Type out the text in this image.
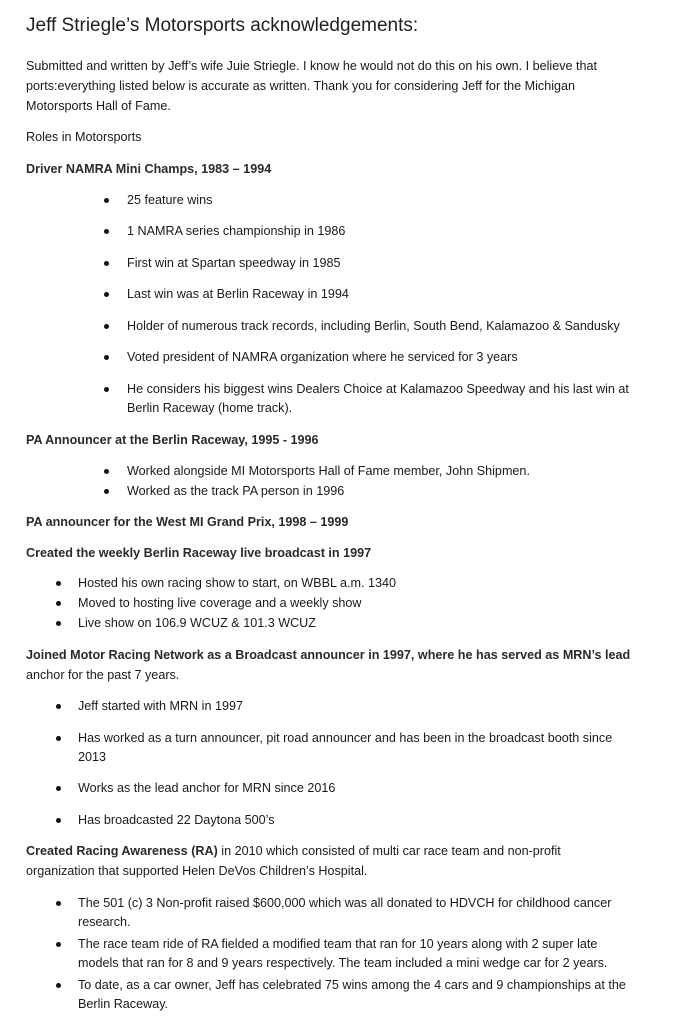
Jeff Striegle’s Motorsports acknowledgements:
Submitted and written by Jeff’s wife Juie Striegle. I know he would not do this on his own. I believe that
ports:everything listed below is accurate as written. Thank you for considering Jeff for the Michigan
Motorsports Hall of Fame.
Roles in Motorsports
Driver NAMRA Mini Champs, 1983 – 1994
25 feature wins
1 NAMRA series championship in 1986
First win at Spartan speedway in 1985
Last win was at Berlin Raceway in 1994
Holder of numerous track records, including Berlin, South Bend, Kalamazoo & Sandusky
Voted president of NAMRA organization where he serviced for 3 years
He considers his biggest wins Dealers Choice at Kalamazoo Speedway and his last win at
Berlin Raceway (home track).
PA Announcer at the Berlin Raceway, 1995 - 1996
Worked alongside MI Motorsports Hall of Fame member, John Shipmen.
Worked as the track PA person in 1996
PA announcer for the West MI Grand Prix, 1998 – 1999
Created the weekly Berlin Raceway live broadcast in 1997
Hosted his own racing show to start, on WBBL a.m. 1340
Moved to hosting live coverage and a weekly show
Live show on 106.9 WCUZ & 101.3 WCUZ
Joined Motor Racing Network as a Broadcast announcer in 1997, where he has served as MRN’s lead
anchor for the past 7 years.
Jeff started with MRN in 1997
Has worked as a turn announcer, pit road announcer and has been in the broadcast booth since
2013
Works as the lead anchor for MRN since 2016
Has broadcasted 22 Daytona 500’s
Created Racing Awareness (RA) in 2010 which consisted of multi car race team and non-profit
organization that supported Helen DeVos Children’s Hospital.
The 501 (c) 3 Non-profit raised $600,000 which was all donated to HDVCH for childhood cancer
research.
The race team ride of RA fielded a modified team that ran for 10 years along with 2 super late
models that ran for 8 and 9 years respectively. The team included a mini wedge car for 2 years.
To date, as a car owner, Jeff has celebrated 75 wins among the 4 cars and 9 championships at the
Berlin Raceway.
